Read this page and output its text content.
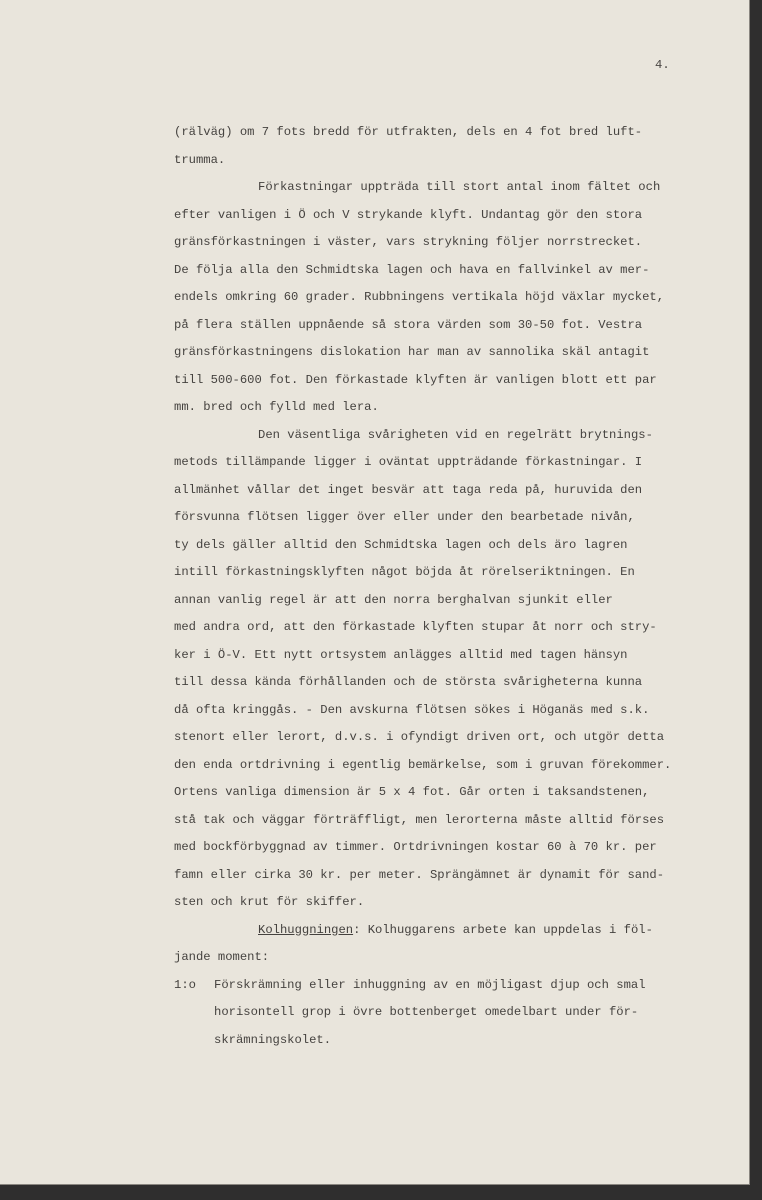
4.
(rälväg) om 7 fots bredd för utfrakten, dels en 4 fot bred luft-
trumma.
Förkastningar uppträda till stort antal inom fältet och
efter vanligen i Ö och V strykande klyft. Undantag gör den stora
gränsförkastningen i väster, vars strykning följer norrstrecket.
De följa alla den Schmidtska lagen och hava en fallvinkel av mer-
endels omkring 60 grader. Rubbningens vertikala höjd växlar mycket,
på flera ställen uppnående så stora värden som 30-50 fot. Vestra
gränsförkastningens dislokation har man av sannolika skäl antagit
till 500-600 fot. Den förkastade klyften är vanligen blott ett par
mm. bred och fylld med lera.
Den väsentliga svårigheten vid en regelrätt brytnings-
metods tillämpande ligger i oväntat uppträdande förkastningar. I
allmänhet vållar det inget besvär att taga reda på, huruvida den
försvunna flötsen ligger över eller under den bearbetade nivån,
ty dels gäller alltid den Schmidtska lagen och dels äro lagren
intill förkastningsklyften något böjda åt rörelseriktningen. En
annan vanlig regel är att den norra berghalvan sjunkit eller
med andra ord, att den förkastade klyften stupar åt norr och stry-
ker i Ö-V. Ett nytt ortsystem anlägges alltid med tagen hänsyn
till dessa kända förhållanden och de största svårigheterna kunna
då ofta kringgås. - Den avskurna flötsen sökes i Höganäs med s.k.
stenort eller lerort, d.v.s. i ofyndigt driven ort, och utgör detta
den enda ortdrivning i egentlig bemärkelse, som i gruvan förekommer.
Ortens vanliga dimension är 5 x 4 fot. Går orten i taksandstenen,
stå tak och väggar förträffligt, men lerorterna måste alltid förses
med bockförbyggnad av timmer. Ortdrivningen kostar 60 à 70 kr. per
famn eller cirka 30 kr. per meter. Sprängämnet är dynamit för sand-
sten och krut för skiffer.
Kolhuggningen: Kolhuggarens arbete kan uppdelas i föl-
jande moment:
1:o	Förskrämning eller inhuggning av en möjligast djup och smal
horisontell grop i övre bottenberget omedelbart under för-
skrämningskolet.
